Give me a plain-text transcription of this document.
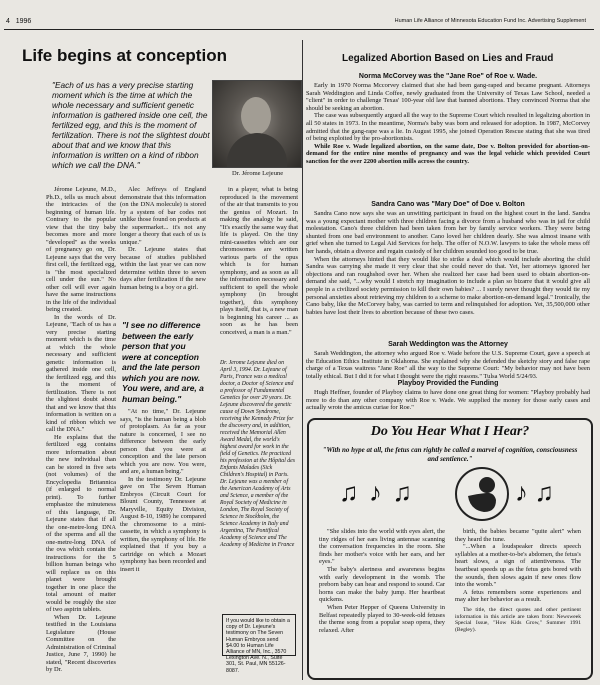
4 1996	Human Life Alliance of Minnesota Education Fund Inc. Advertising Supplement
Life begins at conception	Legalized Abortion Based on Lies and Fraud
"Each of us has a very precise starting moment which is the time at which the whole necessary and sufficient genetic information is gathered inside one cell, the fertilized egg, and this is the moment of fertilization. There is not the slightest doubt about that and we know that this information is written on a kind of ribbon which we call the DNA."
Dr. Jérome Lejeune

Jérome Lejeune, M.D., Ph.D., tells us much about the intricacies of the beginning of human life. Contrary to the popular view that the tiny baby becomes more and more "developed" as the weeks of pregnancy go on, Dr. Lejeune says that the very first cell, the fertilized egg, is "the most specialized cell under the sun." No other cell will ever again have the same instructions in the life of the individual being created.

In the words of Dr. Lejeune, "Each of us has a very precise starting moment which is the time at which the whole necessary and sufficient genetic information is gathered inside one cell, the fertilized egg, and this is the moment of fertilization. There is not the slightest doubt about that and we know that this information is written on a kind of ribbon which we call the DNA."

He explains that the fertilized egg contains more information about the new individual than can be stored in five sets (not volumes) of the Encyclopedia Britannica (if enlarged to normal print). To further emphasize the minuteness of this language, Dr. Lejeune states that if all the one-metre-long DNA of the sperms and all the one-metre-long DNA of the ova which contain the instructions for the 5 billion human beings who will replace us on this planet were brought together in one place the total amount of matter would be roughly the size of two aspirin tablets.

When Dr. Lejeune testified in the Louisiana Legislature (House Committee on the Administration of Criminal Justice, June 7, 1990) he stated, "Recent discoveries by Dr.

Alec Jeffreys of England demonstrate that this information (on the DNA molecule) is stored by a system of bar codes not unlike those found on products at the supermarket... it's not any longer a theory that each of us is unique."

Dr. Lejeune states that because of studies published within the last year we can now determine within three to seven days after fertilization if the new human being is a boy or a girl.

"I see no difference between the early person that you were at conception and the late person which you are now. You were, and are, a human being."

"At no time," Dr. Lejeune says, "is the human being a blob of protoplasm. As far as your nature is concerned, I see no difference between the early person that you were at conception and the late person which you are now. You were, and are, a human being."

In the testimony Dr. Lejeune gave on The Seven Human Embryos (Circuit Court for Blount County, Tennessee at Maryville, Equity Division, August 8-10, 1989) he compared the chromosome to a mini-cassette, in which a symphony is written, the symphony of life. He explained that if you buy a cartridge on which a Mozart symphony has been recorded and insert it

in a player, what is being reproduced is the movement of the air that transmits to you the genius of Mozart. In making the analogy he said, "It's exactly the same way that life is played. On the tiny mini-cassettes which are our chromosomes are written various parts of the opus which is for human symphony, and as soon as all the information necessary and sufficient to spell the whole symphony (in brought together), this symphony plays itself, that is, a new man is beginning his career ... as soon as he has been conceived, a man is a man."

Dr. Jerome Lejeune died on April 3, 1994. Dr. Lejeune of Paris, France was a medical doctor, a Doctor of Science and a professor of Fundamental Genetics for over 20 years. Dr. Lejeune discovered the genetic cause of Down Syndrome, receiving the Kennedy Prize for the discovery and, in addition, received the Memorial Allen Award Medal, the world's highest award for work in the field of Genetics. He practiced his profession at the Hôpital des Enfants Malades (Sick Children's Hospital) in Paris. Dr. Lejeune was a member of the American Academy of Arts and Science, a member of the Royal Society of Medicine in London, The Royal Society of Science in Stockholm, the Science Academy in Italy and Argentina, The Pontifical Academy of Science and The Academy of Medicine in France
If you would like to obtain a copy of Dr. Lejeune's testimony on The Seven Human Embryos send $4.00 to Human Life Alliance of MN, Inc., 3570 Lexington Ave. N., Suite 301, St. Paul, MN 55126-8087.
Norma McCorvey was the "Jane Roe" of Roe v. Wade.

Early in 1970 Norma Mccorvey claimed that she had been gang-raped and became pregnant. Attorneys Sarah Weddington and Linda Coffee, newly graduated from the University of Texas Law School, needed a "client" in order to challenge Texas' 100-year old law that banned abortions. They convinced Norma that she should be seeking an abortion.

The case was subsequently argued all the way to the Supreme Court which resulted in legalizing abortion in all 50 states in 1973. In the meantime, Norma's baby was born and released for adoption. In 1987, McCorvey admitted that the gang-rape was a lie. In August 1995, she joined Operation Rescue stating that she was tired of being exploited by the pro-abortionists.

While Roe v. Wade legalized abortion, on the same date, Doe v. Bolton provided for abortion-on-demand for the entire nine months of pregnancy and was the legal vehicle which provided Court sanction for the over 2200 abortion mills across the country.

Sandra Cano was "Mary Doe" of Doe v. Bolton

Sandra Cano now says she was an unwitting participant in fraud on the highest court in the land. Sandra was a young expectant mother with three children facing a divorce from a husband who was in jail for child molestation. Cano's three children had been taken from her by family service workers. They were being shunted from one bad environment to another. Cano loved her children dearly. She was almost insane with grief when she turned to Legal Aid Services for help. The offer of N.O.W. lawyers to take the whole mess off her hands, obtain a divorce and regain custody of her children sounded too good to be true.

When the attorneys hinted that they would like to strike a deal which would include aborting the child Sandra was carrying she made it very clear that she could never do that. Yet, her attorneys ignored her objections and ran roughshod over her. When she realized her case had been used to obtain abortion-on-demand she said, "...why would I stretch my imagination to include a plan so bizarre that it would give all people in a civilized society permission to kill their own babies? ... I surely never thought they would tie my personal anxieties about retrieving my children to a scheme to make abortion-on-demand legal." Ironically, the Cano baby, like the McCorvey baby, was carried to term and relinquished for adoption. Yet, 35,500,000 other babies have lost their lives to abortion because of these two cases.

Sarah Weddington was the Attorney

Sarah Weddington, the attorney who argued Roe v. Wade before the U.S. Supreme Court, gave a speech at the Education Ethics Institute in Oklahoma. She explained why she defended the sketchy story and false rape charge of a Texas waitress "Jane Roe" all the way to the Supreme Court: "My behavior may not have been totally ethical. But I did it for what I thought were the right reasons." Tulsa World 5/24/93.

Playboy Provided the Funding

Hugh Heffner, founder of Playboy claims to have done one great thing for women: "Playboy probably had more to do than any other company with Roe v. Wade. We supplied the money for those early cases and actually wrote the amicus curiae for Roe."

Do You Hear What I Hear?
"With no hype at all, the fetus can rightly be called a marvel of cognition, consciousness and sentience."
♫ ♪ ♫	♪ ♫

"She slides into the world with eyes alert, the tiny ridges of her ears living antennae scanning the conversation frequencies in the room. She finds her mother's voice with her ears, and her eyes."

The baby's alertness and awareness begins with early development in the womb. The preborn baby can hear and respond to sound. Car horns can make the baby jump. Her heartbeat quickens.

When Peter Hepper of Queens University in Belfast repeatedly played to 30-week-old fetuses the theme song from a popular soap opera, they relaxed. After

birth, the babies became "quite alert" when they heard the tune.

"...When a loudspeaker directs speech syllables at a mother-to-be's abdomen, the fetus's heart slows, a sign of attentiveness. The heartbeat speeds up as the fetus gets bored with the sounds, then slows again if new ones flow into the womb."

A fetus remembers some experiences and may alter her behavior as a result.

The title, the direct quotes and other pertinent information in this article are taken from: Newsweek Special Issue, "How Kids Grow," Summer 1991 (Begley).
